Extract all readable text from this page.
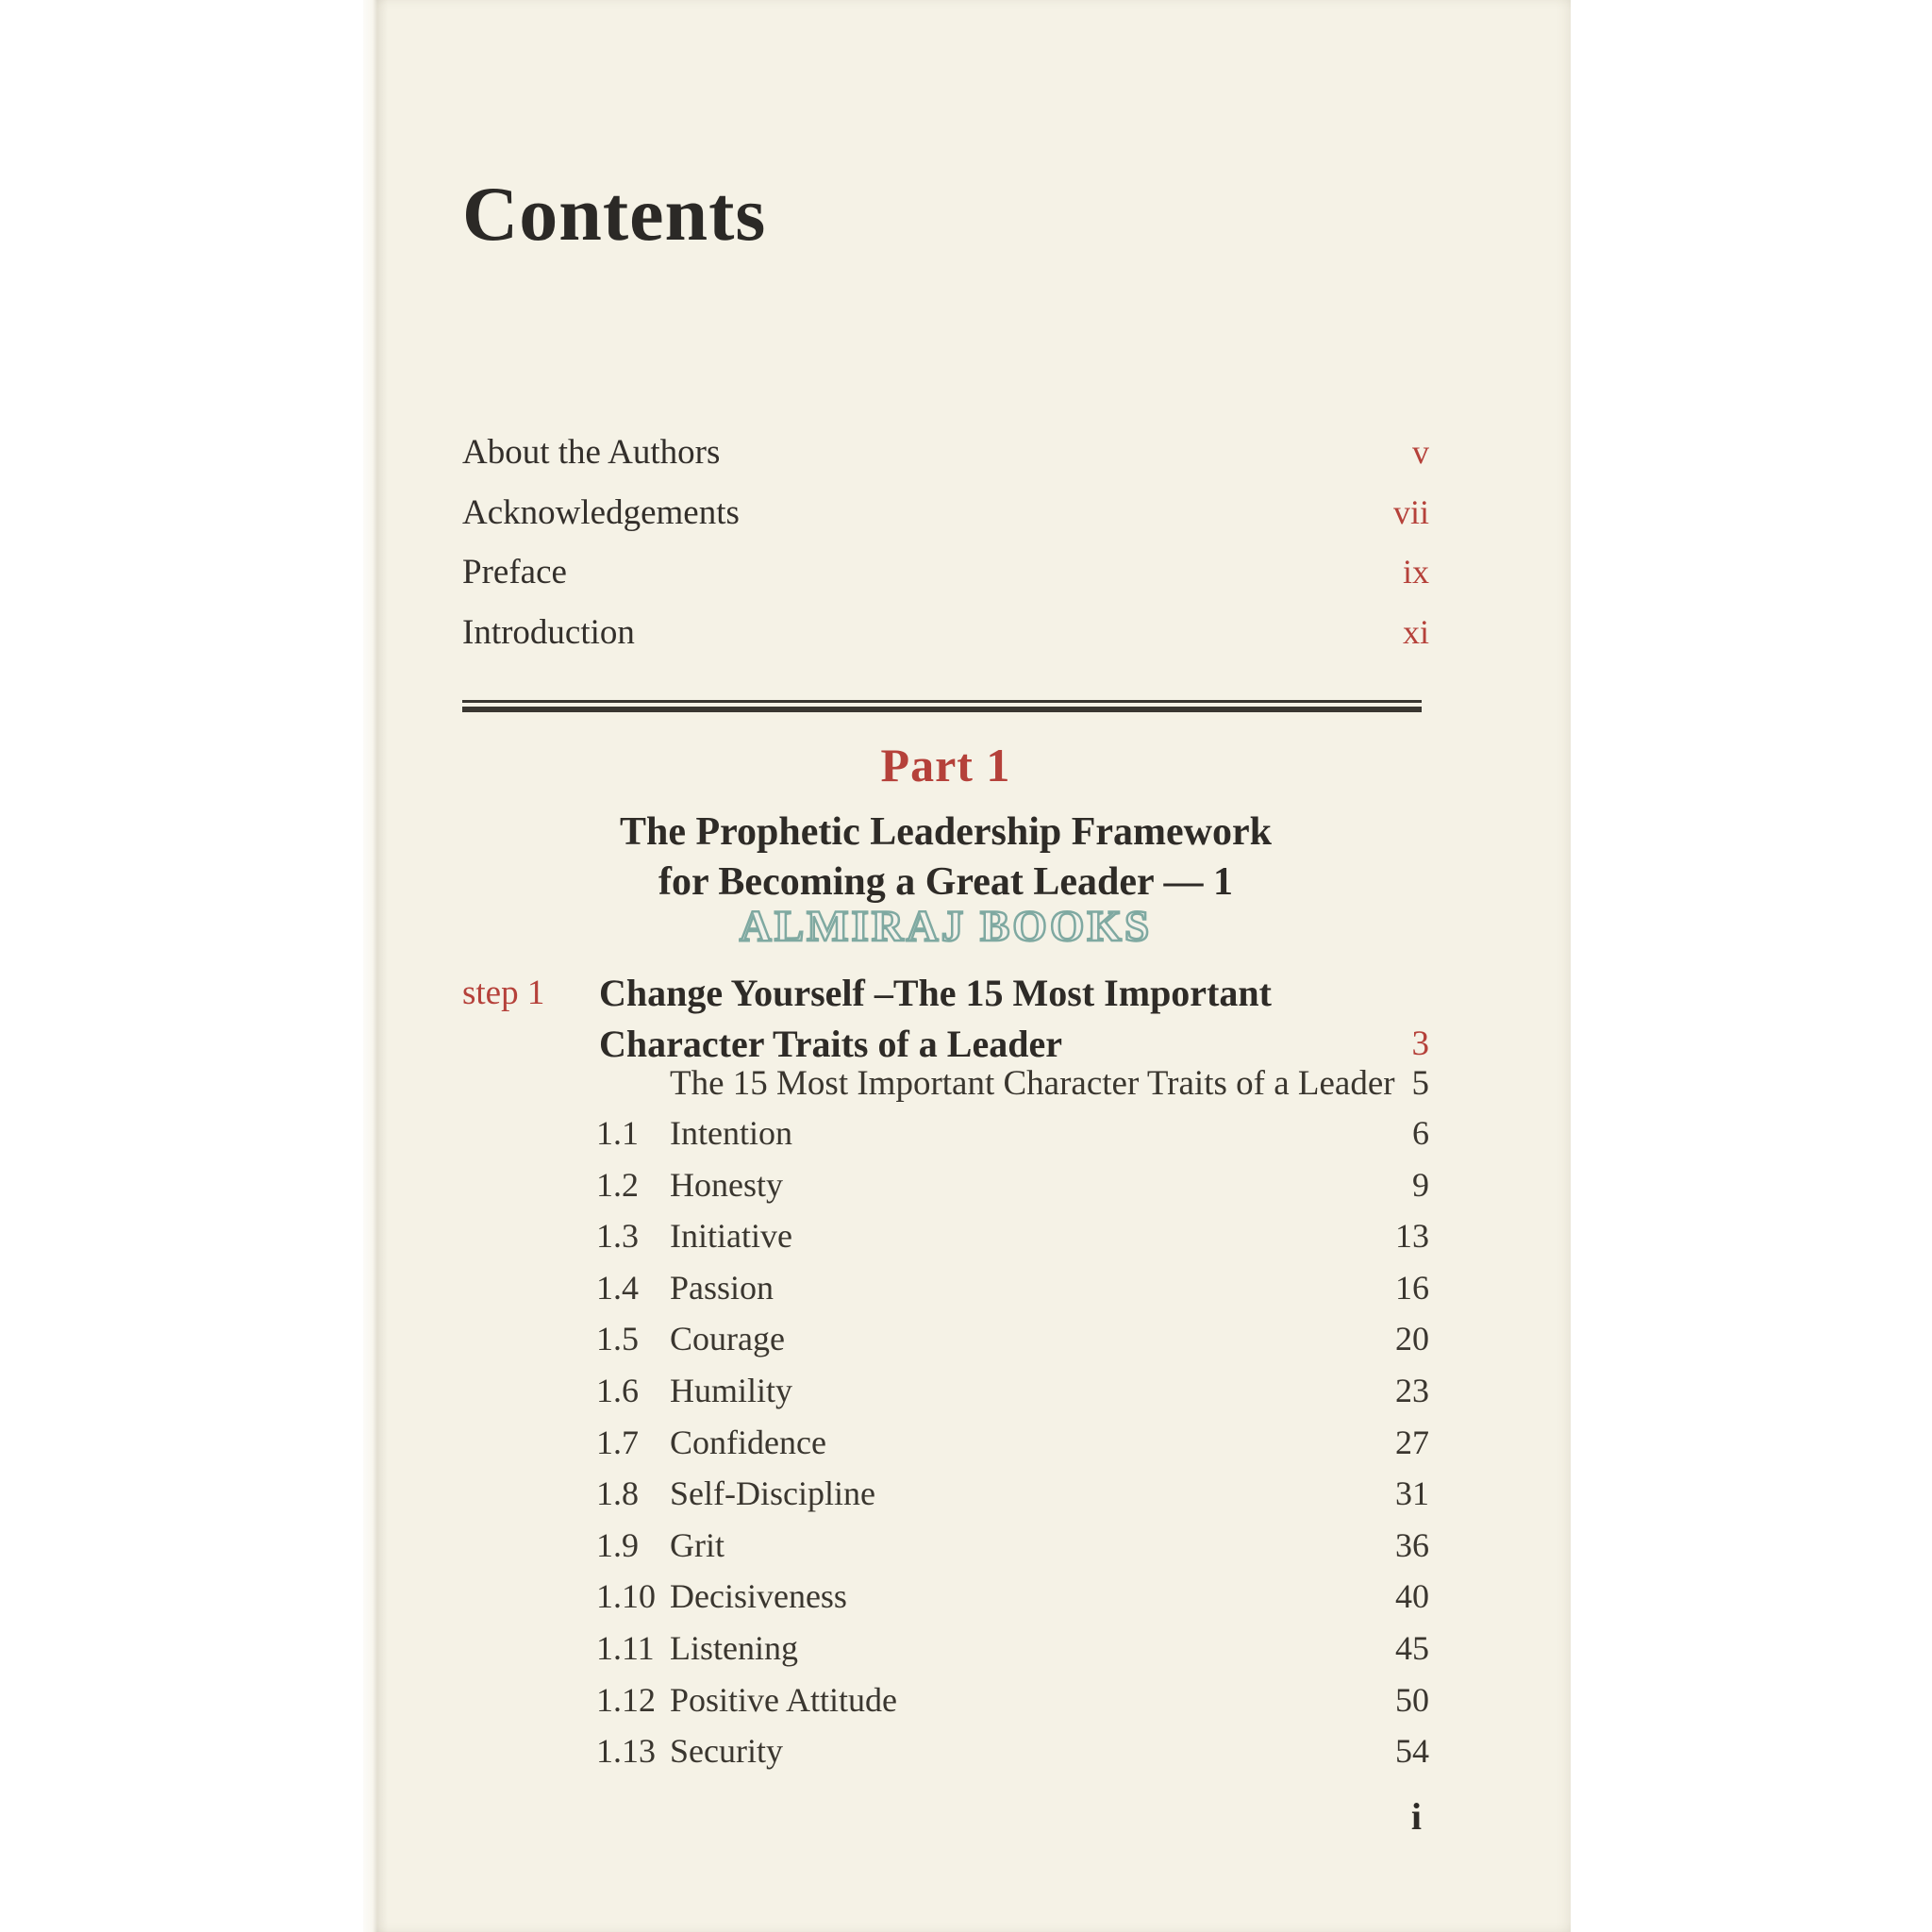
Contents
About the Authors	v
Acknowledgements	vii
Preface	ix
Introduction	xi
Part 1
The Prophetic Leadership Framework
for Becoming a Great Leader — 1
ALMIRAJ BOOKS
step 1	Change Yourself –The 15 Most Important
Character Traits of a Leader	3
The 15 Most Important Character Traits of a Leader 5
1.1 Intention	6
1.2 Honesty	9
1.3 Initiative	13
1.4 Passion	16
1.5 Courage	20
1.6 Humility	23
1.7 Confidence	27
1.8 Self-Discipline	31
1.9 Grit	36
1.10 Decisiveness	40
1.11 Listening	45
1.12 Positive Attitude	50
1.13 Security	54
i
